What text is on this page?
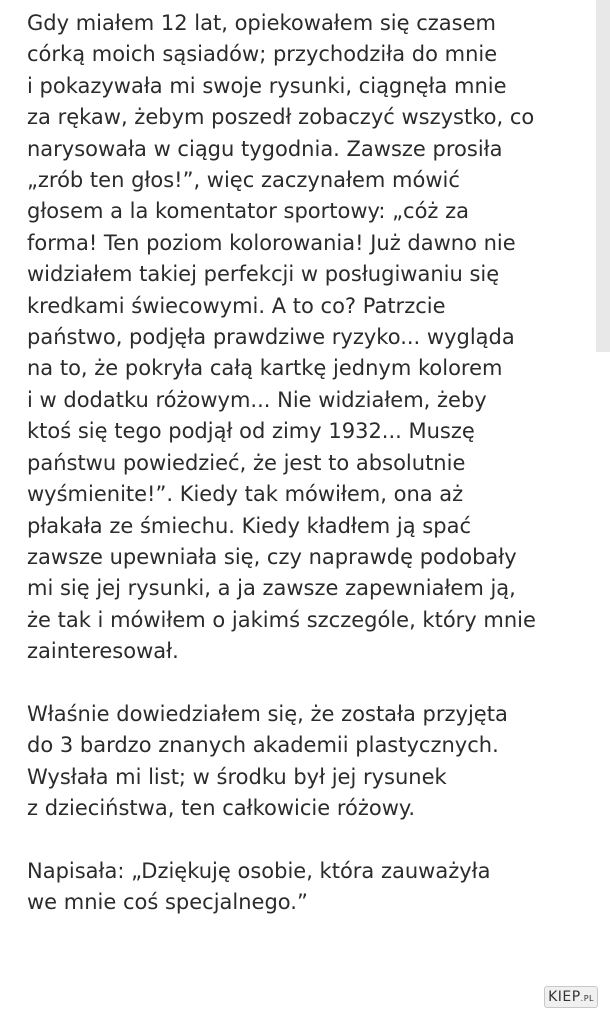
Gdy miałem 12 lat, opiekowałem się czasem
córką moich sąsiadów; przychodziła do mnie
i pokazywała mi swoje rysunki, ciągnęła mnie
za rękaw, żebym poszedł zobaczyć wszystko, co
narysowała w ciągu tygodnia. Zawsze prosiła
„zrób ten głos!”, więc zaczynałem mówić
głosem a la komentator sportowy: „cóż za
forma! Ten poziom kolorowania! Już dawno nie
widziałem takiej perfekcji w posługiwaniu się
kredkami świecowymi. A to co? Patrzcie
państwo, podjęła prawdziwe ryzyko... wygląda
na to, że pokryła całą kartkę jednym kolorem
i w dodatku różowym... Nie widziałem, żeby
ktoś się tego podjął od zimy 1932... Muszę
państwu powiedzieć, że jest to absolutnie
wyśmienite!”. Kiedy tak mówiłem, ona aż
płakała ze śmiechu. Kiedy kładłem ją spać
zawsze upewniała się, czy naprawdę podobały
mi się jej rysunki, a ja zawsze zapewniałem ją,
że tak i mówiłem o jakimś szczególe, który mnie
zainteresował.
Właśnie dowiedziałem się, że została przyjęta
do 3 bardzo znanych akademii plastycznych.
Wysłała mi list; w środku był jej rysunek
z dzieciństwa, ten całkowicie różowy.
Napisała: „Dziękuję osobie, która zauważyła
we mnie coś specjalnego.”
KIEP.PL
